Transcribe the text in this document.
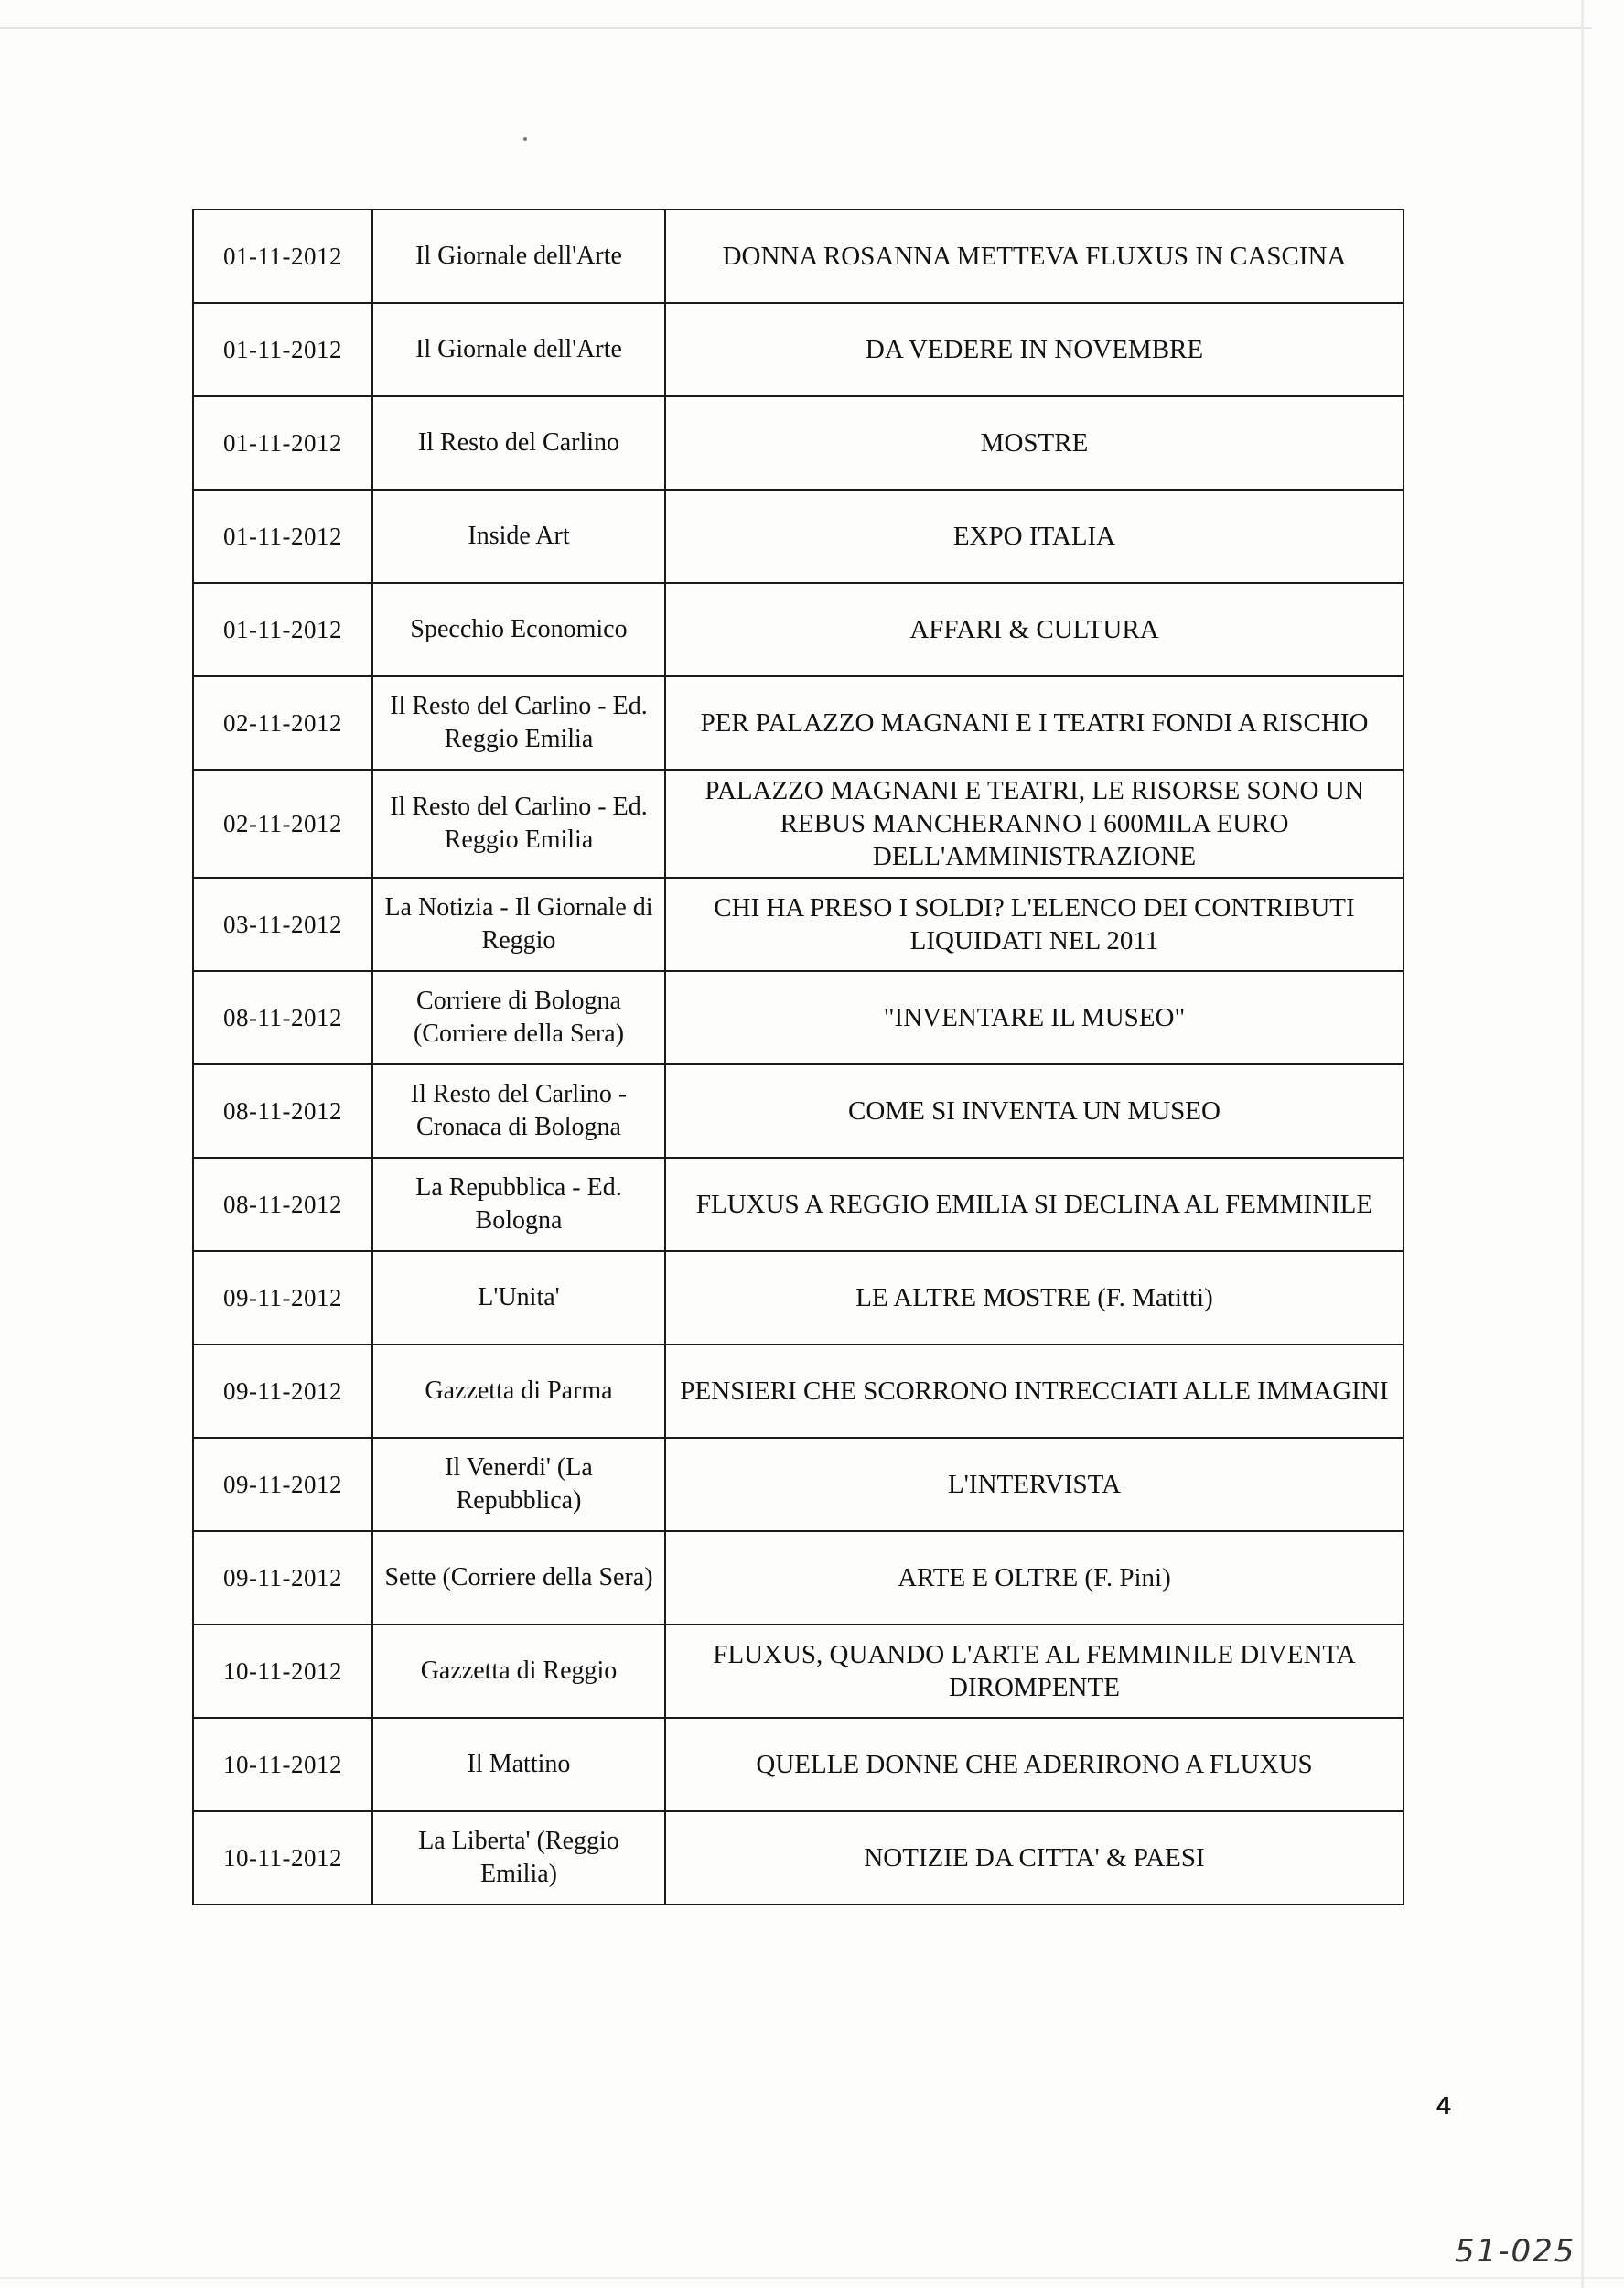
01-11-2012	Il Giornale dell'Arte	DONNA ROSANNA METTEVA FLUXUS IN CASCINA
01-11-2012	Il Giornale dell'Arte	DA VEDERE IN NOVEMBRE
01-11-2012	Il Resto del Carlino	MOSTRE
01-11-2012	Inside Art	EXPO ITALIA
01-11-2012	Specchio Economico	AFFARI & CULTURA
02-11-2012	Il Resto del Carlino - Ed. Reggio Emilia	PER PALAZZO MAGNANI E I TEATRI FONDI A RISCHIO
02-11-2012	Il Resto del Carlino - Ed. Reggio Emilia	PALAZZO MAGNANI E TEATRI, LE RISORSE SONO UN REBUS MANCHERANNO I 600MILA EURO DELL'AMMINISTRAZIONE
03-11-2012	La Notizia - Il Giornale di Reggio	CHI HA PRESO I SOLDI? L'ELENCO DEI CONTRIBUTI LIQUIDATI NEL 2011
08-11-2012	Corriere di Bologna (Corriere della Sera)	"INVENTARE IL MUSEO"
08-11-2012	Il Resto del Carlino - Cronaca di Bologna	COME SI INVENTA UN MUSEO
08-11-2012	La Repubblica - Ed. Bologna	FLUXUS A REGGIO EMILIA SI DECLINA AL FEMMINILE
09-11-2012	L'Unita'	LE ALTRE MOSTRE (F. Matitti)
09-11-2012	Gazzetta di Parma	PENSIERI CHE SCORRONO INTRECCIATI ALLE IMMAGINI
09-11-2012	Il Venerdi' (La Repubblica)	L'INTERVISTA
09-11-2012	Sette (Corriere della Sera)	ARTE E OLTRE (F. Pini)
10-11-2012	Gazzetta di Reggio	FLUXUS, QUANDO L'ARTE AL FEMMINILE DIVENTA DIROMPENTE
10-11-2012	Il Mattino	QUELLE DONNE CHE ADERIRONO A FLUXUS
10-11-2012	La Liberta' (Reggio Emilia)	NOTIZIE DA CITTA' & PAESI
4
51-025
